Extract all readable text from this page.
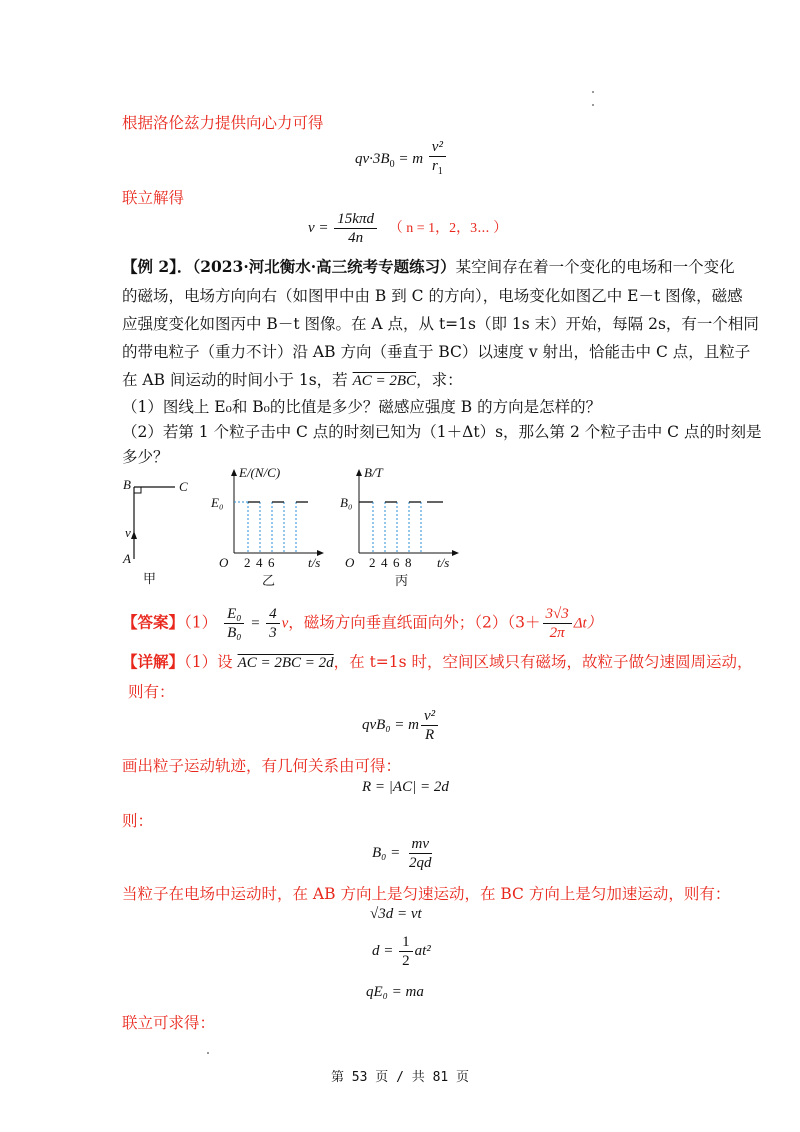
根据洛伦兹力提供向心力可得
$qv\cdot 3B_0 = m \frac{\text{v²}}{r_1}$
联立解得
$v = \frac{\text{15kπd}}{4n}$ （ n = 1，2，3⋯ ）
【例 2】．（2023·河北衡水·高三统考专题练习）某空间存在着一个变化的电场和一个变化
的磁场，电场方向向右（如图甲中由 B 到 C 的方向），电场变化如图乙中 E－t 图像，磁感
应强度变化如图丙中 B－t 图像。在 A 点，从 t=1s（即 1s 末）开始，每隔 2s，有一个相同
的带电粒子（重力不计）沿 AB 方向（垂直于 BC）以速度 v 射出，恰能击中 C 点，且粒子
在 AB 间运动的时间小于 1s，若 AC = 2BC，求：
（1）图线上 E₀和 B₀的比值是多少？磁感应强度 B 的方向是怎样的？
（2）若第 1 个粒子击中 C 点的时刻已知为（1＋Δt）s，那么第 2 个粒子击中 C 点的时刻是
多少？
B	C
v
A
甲
E/(N/C)
E₀
O 2 4 6	t/s
乙
B/T
B₀
O 2 4 6 8 t/s
丙
【答案】$(1) \frac{\text{E₀}}{\text{B₀}} = \frac{4}{3}$ v，磁场方向垂直纸面向外；$(2)(3+ \frac{3√3}{2\pi} \Delta t)$
【详解】（1）设 AC = 2BC = 2d，在 t=1s 时，空间区域只有磁场，故粒子做匀速圆周运动，
则有：
qvB₀ = m $\frac{\text{v²}}{R}$
画出粒子运动轨迹，有几何关系由可得：
R = |AC| = 2d
则：
$B_0 = \frac{mv}{2qd}$
当粒子在电场中运动时，在 AB 方向上是匀速运动，在 BC 方向上是匀加速运动，则有：
√3d = vt
$d = \frac{1}{2} at^2$
qE₀ = ma
联立可求得：
第 53 页 / 共 81 页
